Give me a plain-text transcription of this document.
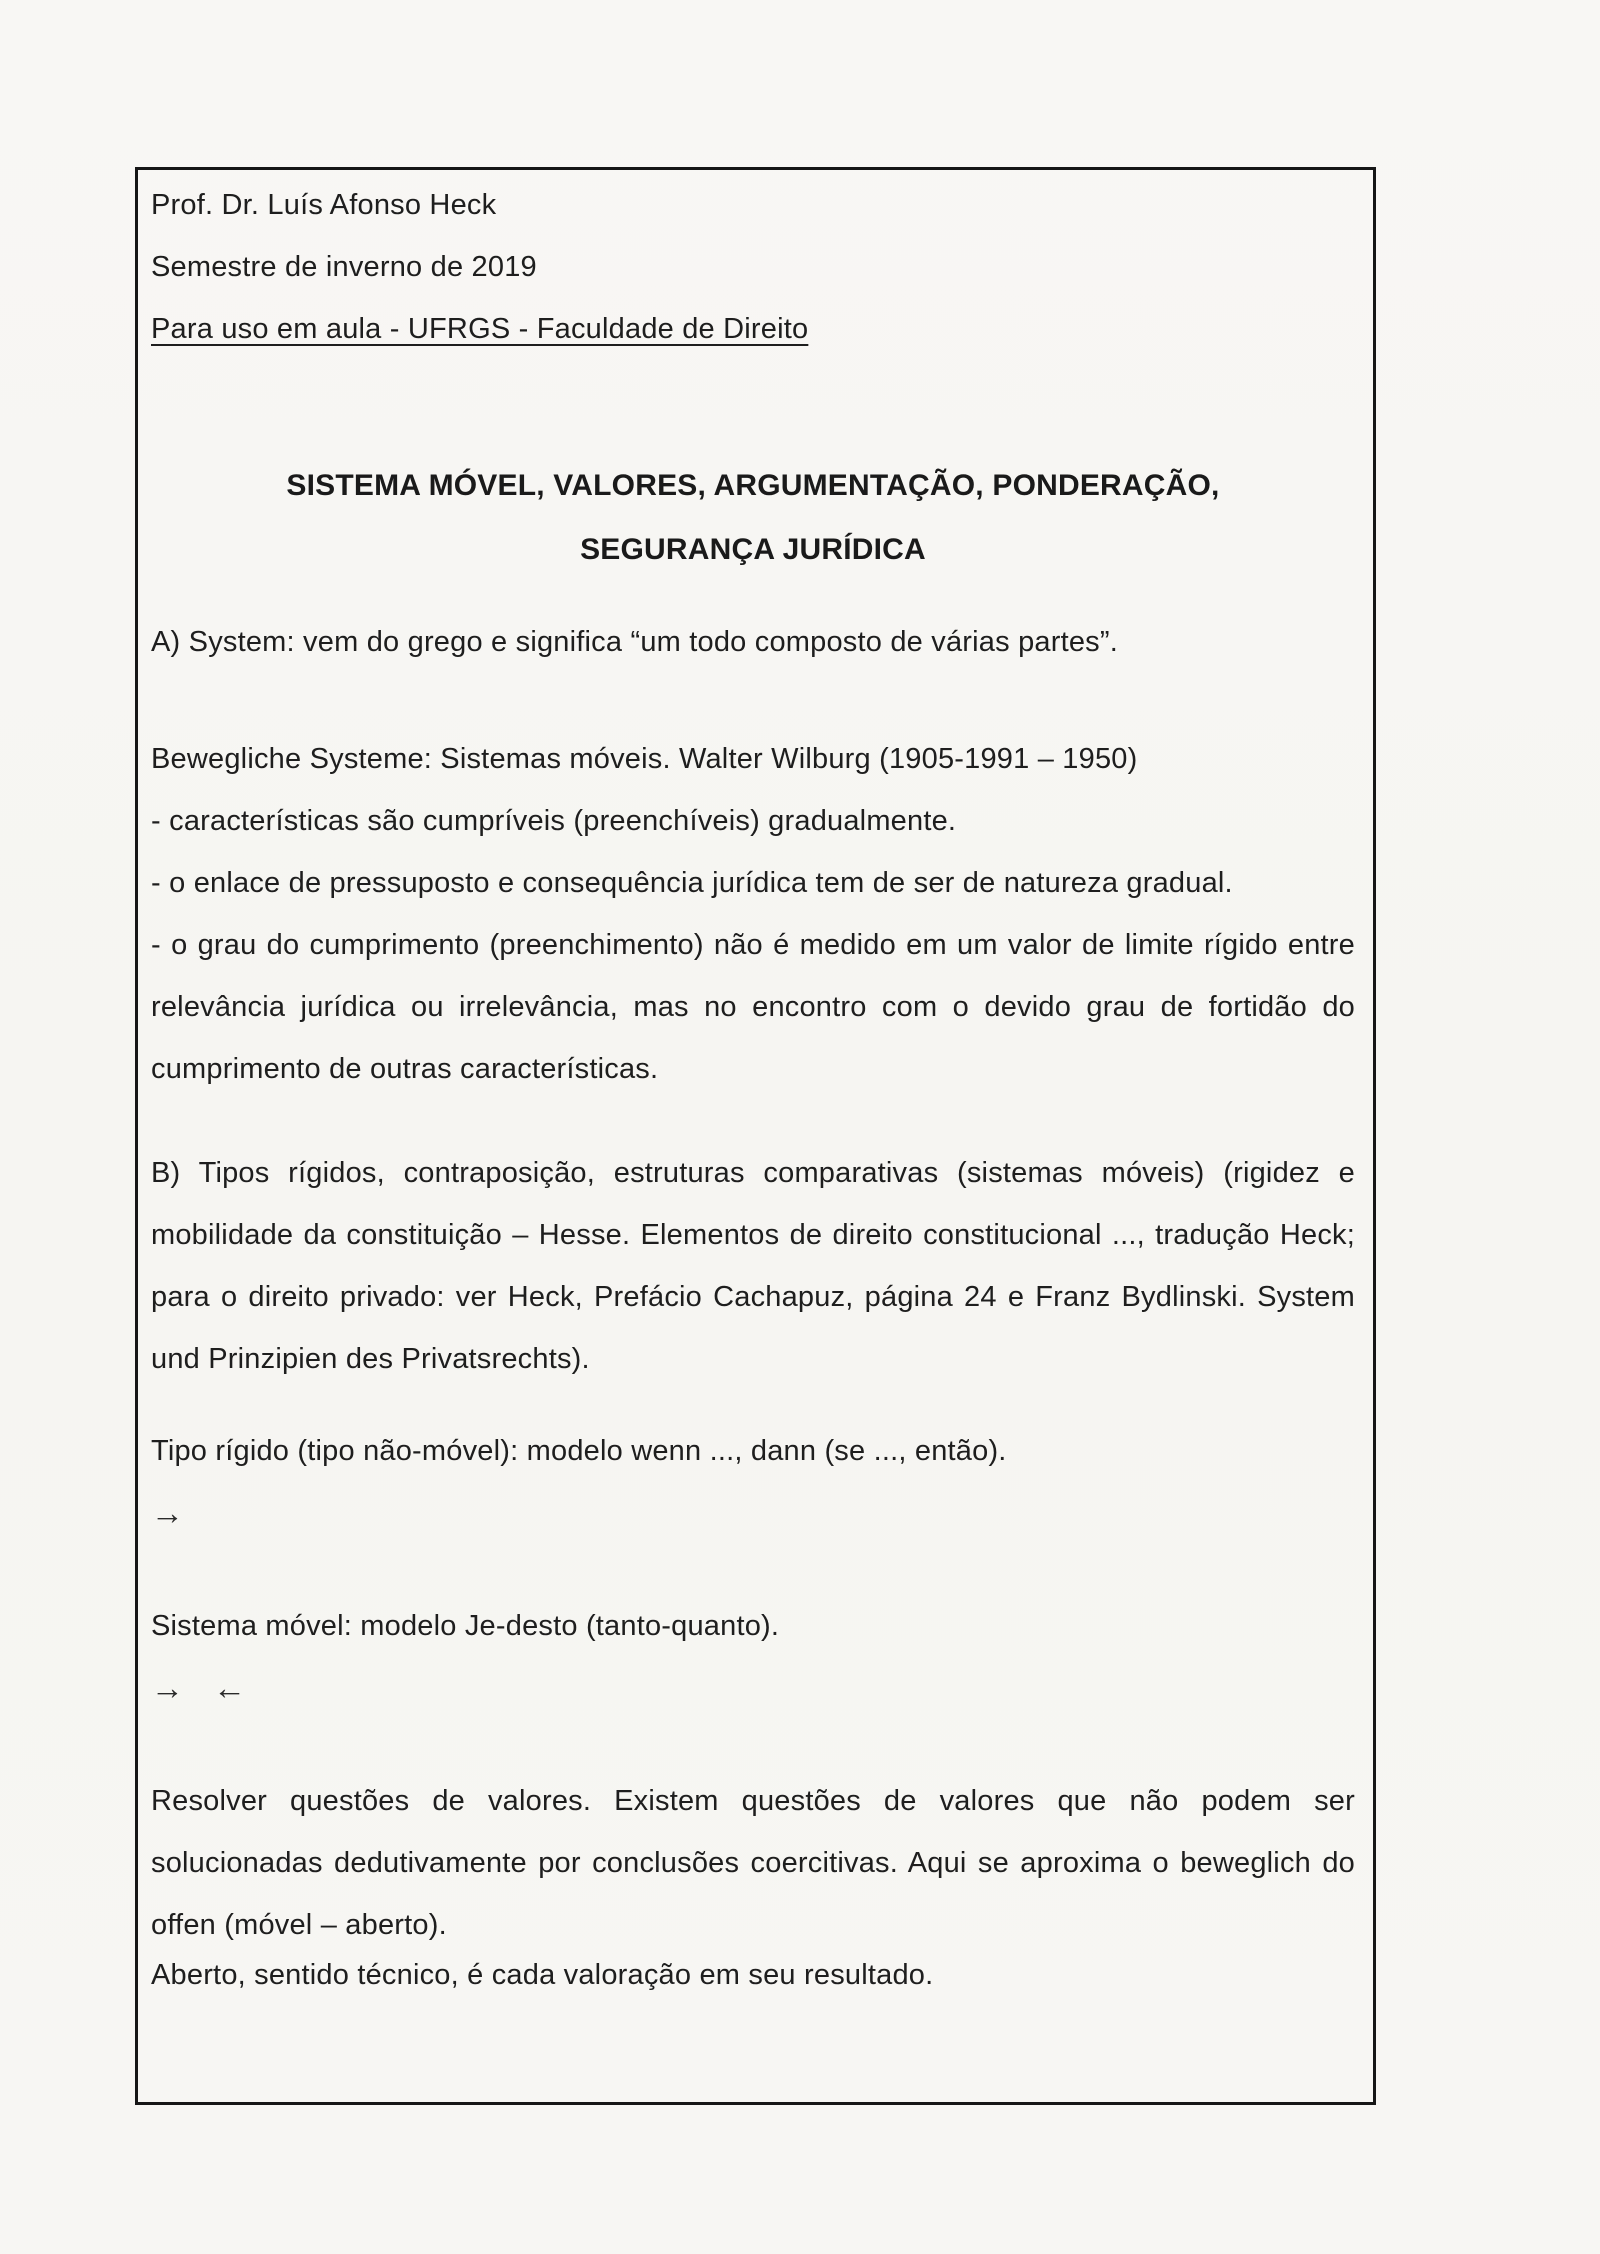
Prof. Dr. Luís Afonso Heck

Semestre de inverno de 2019

Para uso em aula - UFRGS - Faculdade de Direito

SISTEMA MÓVEL, VALORES, ARGUMENTAÇÃO, PONDERAÇÃO,

SEGURANÇA JURÍDICA

A) System: vem do grego e significa “um todo composto de várias partes”.

Bewegliche Systeme: Sistemas móveis. Walter Wilburg (1905-1991 – 1950)

- características são cumpríveis (preenchíveis) gradualmente.

- o enlace de pressuposto e consequência jurídica tem de ser de natureza gradual.

- o grau do cumprimento (preenchimento) não é medido em um valor de limite rígido entre relevância jurídica ou irrelevância, mas no encontro com o devido grau de fortidão do cumprimento de outras características.

B) Tipos rígidos, contraposição, estruturas comparativas (sistemas móveis) (rigidez e mobilidade da constituição – Hesse. Elementos de direito constitucional ..., tradução Heck; para o direito privado: ver Heck, Prefácio Cachapuz, página 24 e Franz Bydlinski. System und Prinzipien des Privatsrechts).

Tipo rígido (tipo não-móvel): modelo wenn ..., dann (se ..., então).

→

Sistema móvel: modelo Je-desto (tanto-quanto).

→ ←

Resolver questões de valores. Existem questões de valores que não podem ser solucionadas dedutivamente por conclusões coercitivas. Aqui se aproxima o beweglich do offen (móvel – aberto).

Aberto, sentido técnico, é cada valoração em seu resultado.
